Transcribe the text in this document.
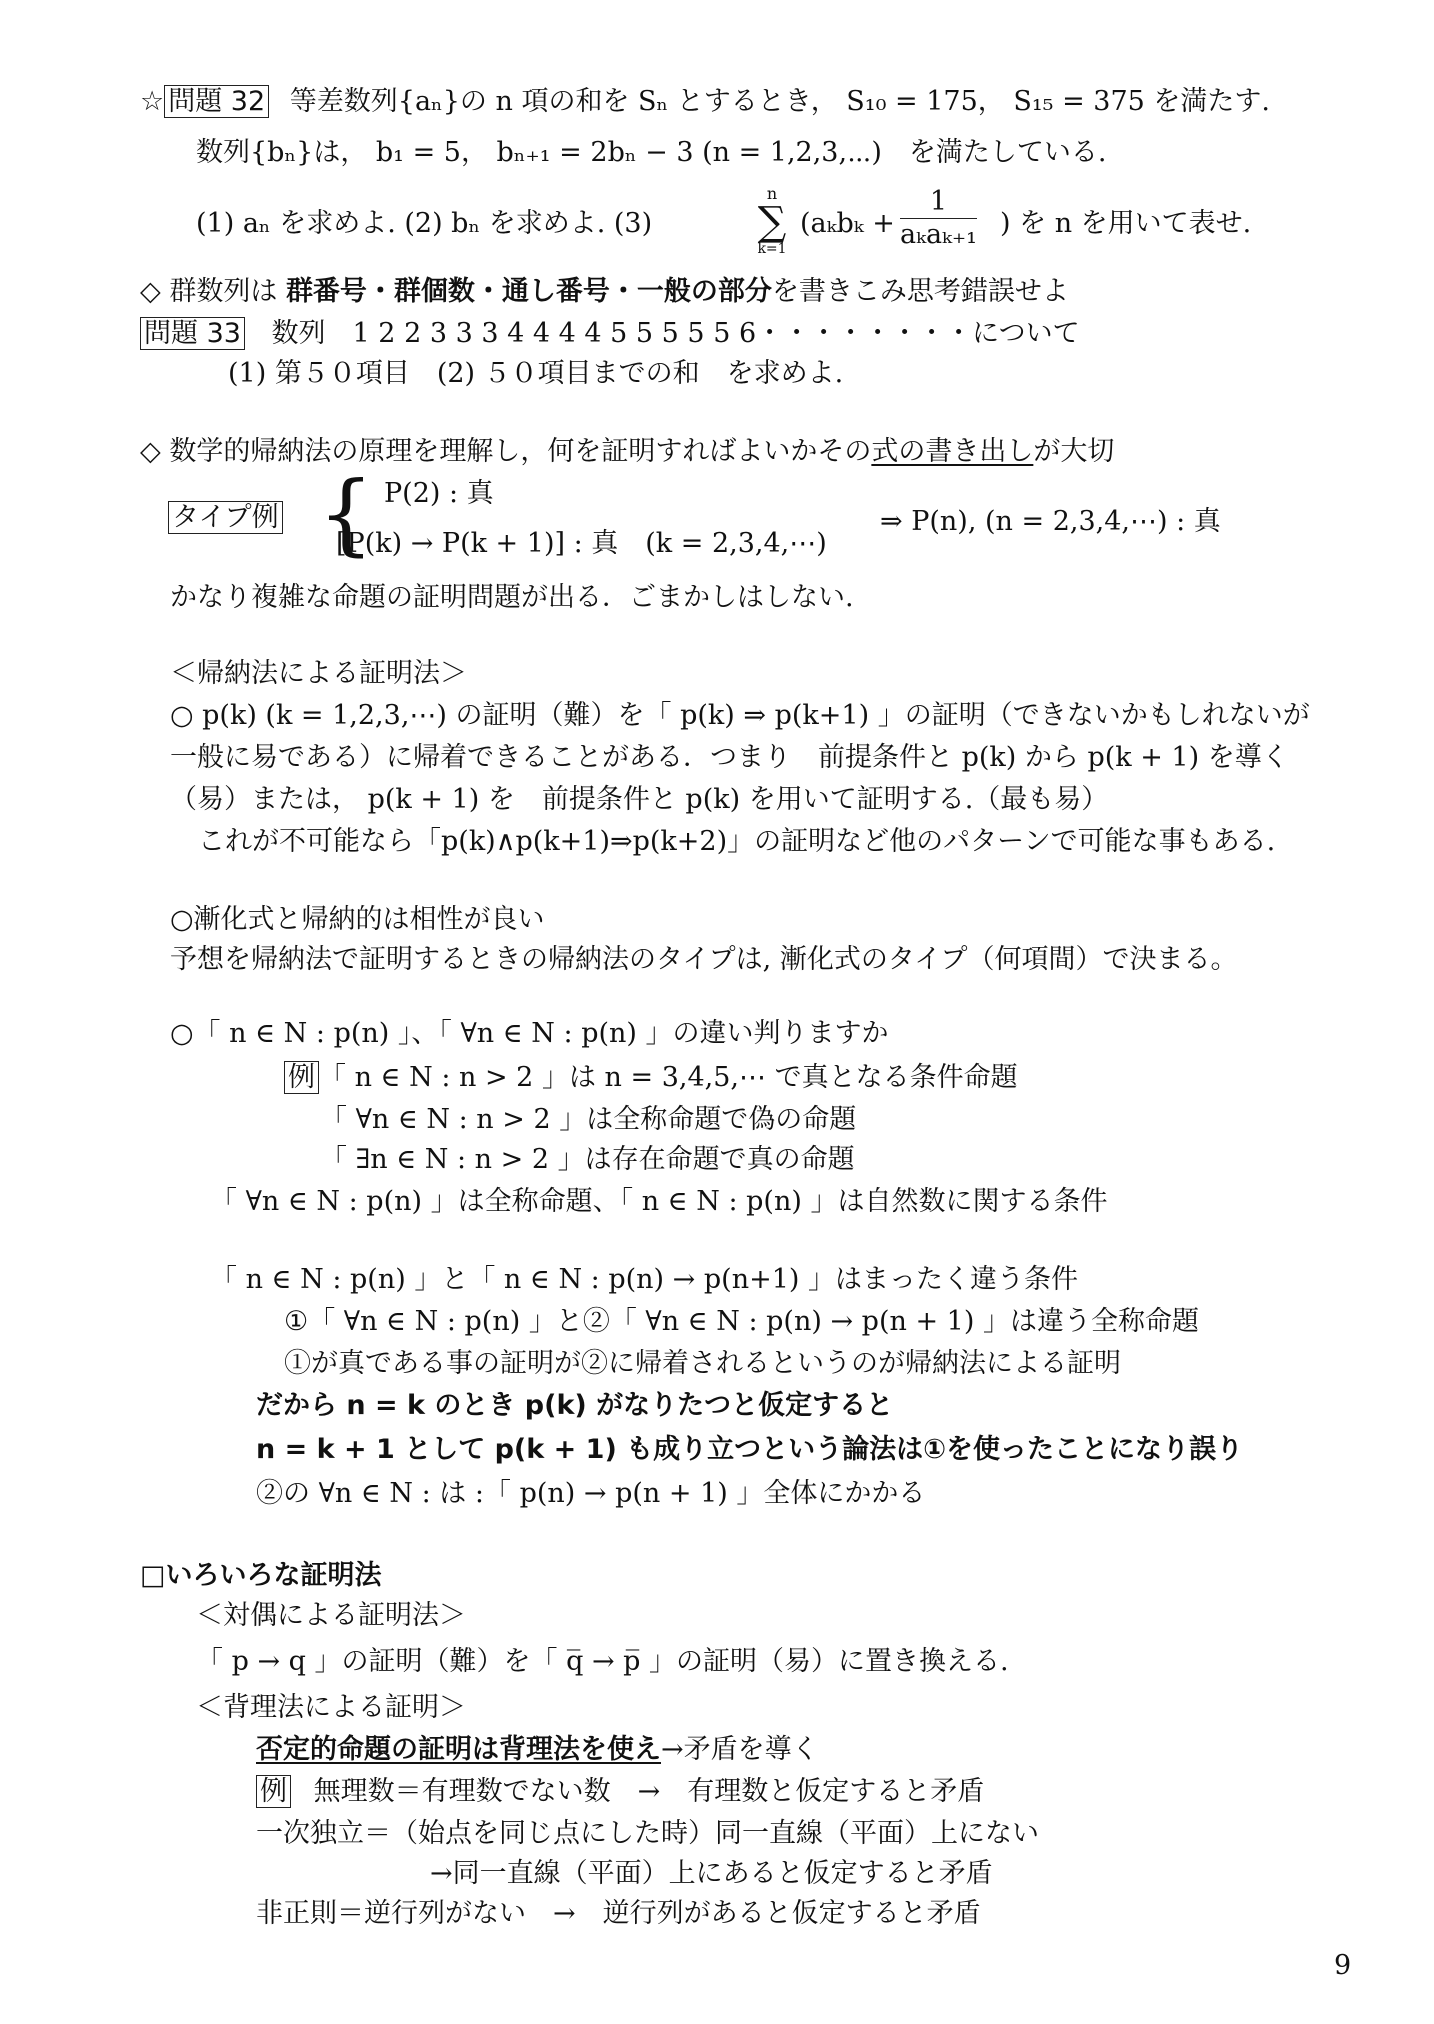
☆ 問題 32 等差数列{aₙ}の n 項の和を Sₙ とするとき， S₁₀ = 175， S₁₅ = 375 を満たす.
数列{bₙ}は， b₁ = 5， bₙ₊₁ = 2bₙ − 3 (n = 1,2,3,⋯)　を満たしている.
(1) aₙ を求めよ. (2) bₙ を求めよ. (3)
n
∑
k=1
($a_kb_k + \frac{1}{\text{aₖaₖ₊₁}}$ ) を n を用いて表せ.
◇ 群数列は 群番号・群個数・通し番号・一般の部分を書きこみ思考錯誤せよ
問題 33 数列　1 2 2 3 3 3 4 4 4 4 5 5 5 5 5 6・・・・・・・・について
(1) 第５０項目　(2) ５０項目までの和　を求めよ.
◇ 数学的帰納法の原理を理解し，何を証明すればよいかその式の書き出しが大切
タイプ例 { P(2) : 真
[P(k) → P(k + 1)] : 真　(k = 2,3,4,⋯)
⇒ P(n), (n = 2,3,4,⋯) : 真
かなり複雑な命題の証明問題が出る．ごまかしはしない.
＜帰納法による証明法＞
○ p(k) (k = 1,2,3,⋯) の証明（難）を「 p(k) ⇒ p(k+1) 」の証明（できないかもしれないが
一般に易である）に帰着できることがある．つまり　前提条件と p(k) から p(k + 1) を導く
（易）または， p(k + 1) を　前提条件と p(k) を用いて証明する.（最も易）
これが不可能なら「p(k)∧p(k+1)⇒p(k+2)」の証明など他のパターンで可能な事もある.
○漸化式と帰納的は相性が良い
予想を帰納法で証明するときの帰納法のタイプは, 漸化式のタイプ（何項間）で決まる。
○「 n ∈ N : p(n) 」、「 ∀n ∈ N : p(n) 」の違い判りますか
例 「 n ∈ N : n > 2 」は n = 3,4,5,⋯ で真となる条件命題
「 ∀n ∈ N : n > 2 」は全称命題で偽の命題
「 ∃n ∈ N : n > 2 」は存在命題で真の命題
「 ∀n ∈ N : p(n) 」は全称命題、「 n ∈ N : p(n) 」は自然数に関する条件
「 n ∈ N : p(n) 」と「 n ∈ N : p(n) → p(n+1) 」はまったく違う条件
①「 ∀n ∈ N : p(n) 」と②「 ∀n ∈ N : p(n) → p(n + 1) 」は違う全称命題
①が真である事の証明が②に帰着されるというのが帰納法による証明
だから n = k のとき p(k) がなりたつと仮定すると
n = k + 1 として p(k + 1) も成り立つという論法は①を使ったことになり誤り
②の ∀n ∈ N : は :「 p(n) → p(n + 1) 」全体にかかる
□いろいろな証明法
＜対偶による証明法＞
「 p → q 」の証明（難）を「 q̅ → p̅ 」の証明（易）に置き換える.
＜背理法による証明＞
否定的命題の証明は背理法を使え→矛盾を導く
例 無理数＝有理数でない数　→　有理数と仮定すると矛盾
一次独立＝（始点を同じ点にした時）同一直線（平面）上にない
→同一直線（平面）上にあると仮定すると矛盾
非正則＝逆行列がない　→　逆行列があると仮定すると矛盾
9
